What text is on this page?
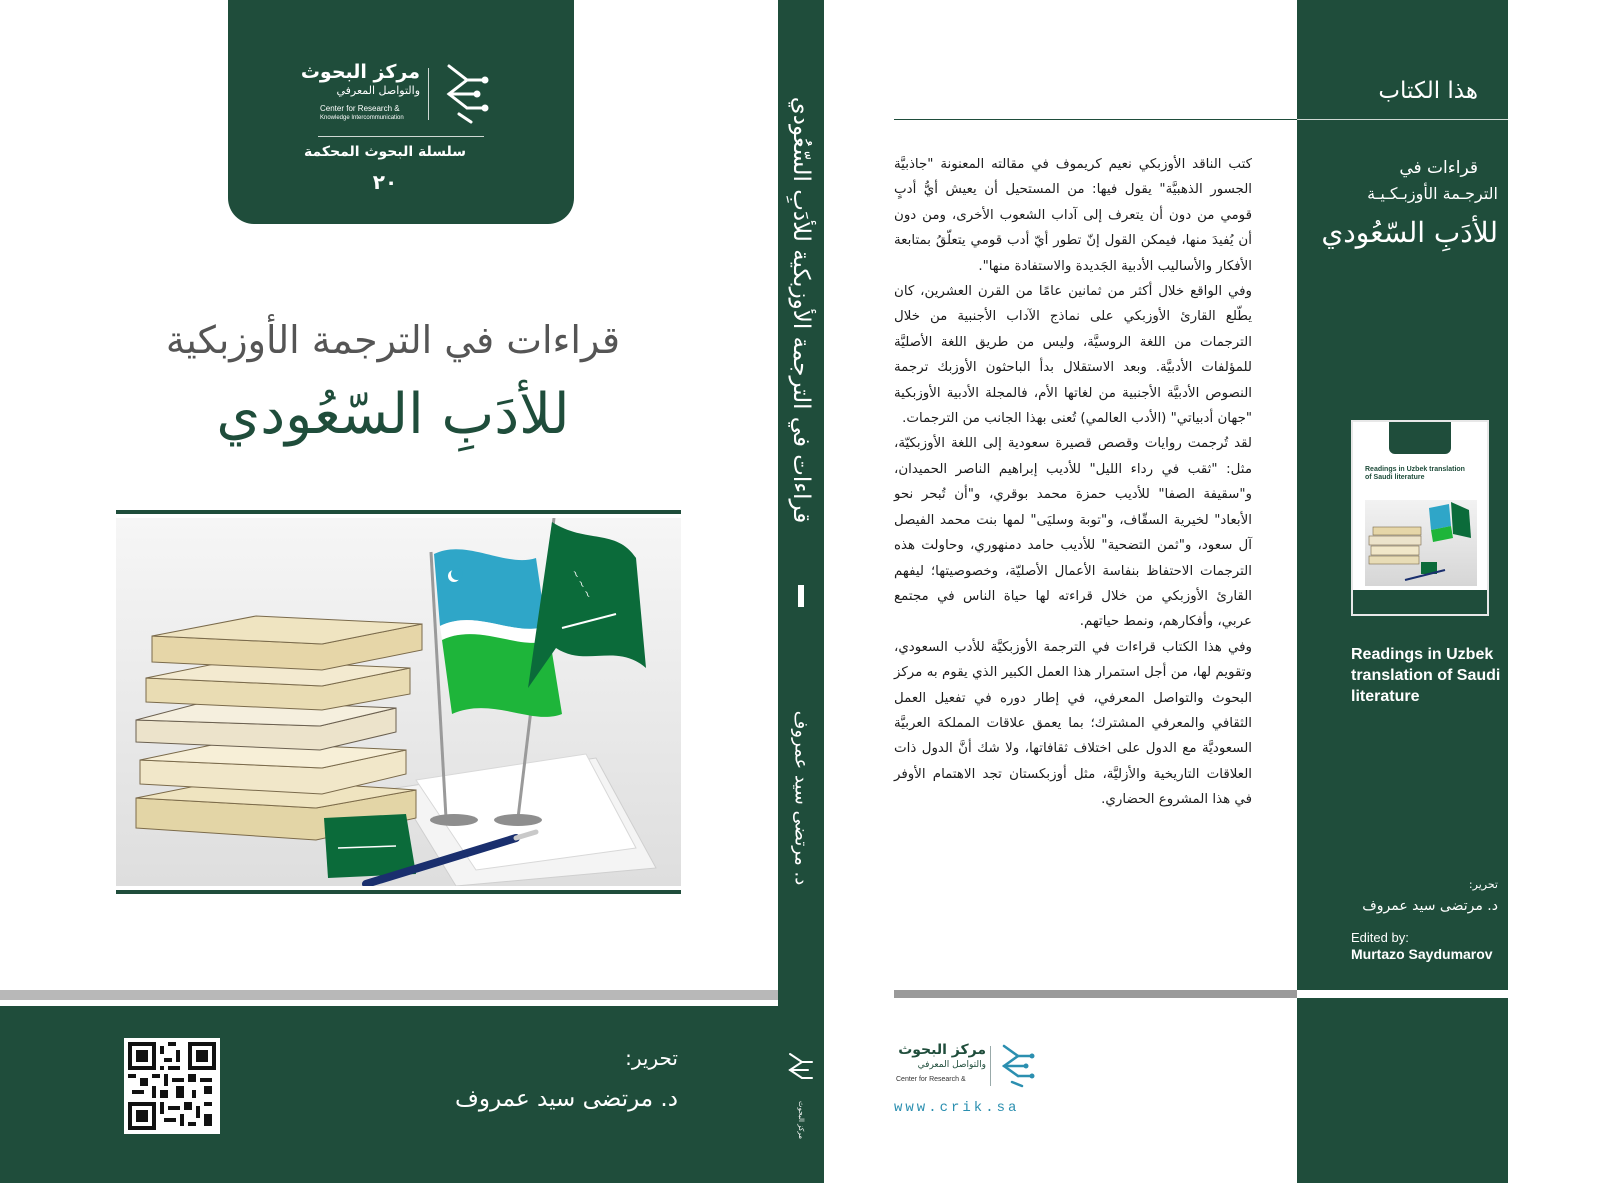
مركز البحوث
والتواصل المعرفي
Center for Research &
Knowledge Intercommunication
سلسلة البحوث المحكمة
٢٠
قراءات في الترجمة الأوزبكية
للأدَبِ السّعُودي
~ ~ ~
تحرير:
د. مرتضى سيد عمروف
قراءات في الترجمة الأوزبكية للأدَبِ السّعُودي
د. مرتضى سيد عمروف
مركز البحوث

كتب الناقد الأوزبكي نعيم كريموف في مقالته المعنونة "جاذبيَّة الجسور الذهبيَّة" يقول فيها: من المستحيل أن يعيش أيُّ أدبٍ قومي من دون أن يتعرف إلى آداب الشعوب الأخرى، ومن دون أن يُفيدَ منها، فيمكن القول إنّ تطور أيّ أدب قومي يتعلّقُ بمتابعة الأفكار والأساليب الأدبية الجَديدة والاستفادة منها".

وفي الواقع خلال أكثر من ثمانين عامًا من القرن العشرين، كان يطّلع القارئ الأوزبكي على نماذج الآداب الأجنبية من خلال الترجمات من اللغة الروسيَّة، وليس من طريق اللغة الأصليَّة للمؤلفات الأدبيَّة. وبعد الاستقلال بدأ الباحثون الأوزبك ترجمة النصوص الأدبيَّة الأجنبية من لغاتها الأم، فالمجلة الأدبية الأوزبكية "جهان أدبياتي" (الأدب العالمي) تُعنى بهذا الجانب من الترجمات.

لقد تُرجمت روايات وقصص قصيرة سعودية إلى اللغة الأوزبكيّة، مثل: "ثقب في رداء الليل" للأديب إبراهيم الناصر الحميدان، و"سقيفة الصفا" للأديب حمزة محمد بوقري، و"أن تُبحر نحو الأبعاد" لخيرية السقّاف، و"توبة وسليَى" لمها بنت محمد الفيصل آل سعود، و"ثمن التضحية" للأديب حامد دمنهوري، وحاولت هذه الترجمات الاحتفاظ بنفاسة الأعمال الأصليّة، وخصوصيتها؛ ليفهم القارئ الأوزبكي من خلال قراءته لها حياة الناس في مجتمع عربي، وأفكارهم، ونمط حياتهم.

وفي هذا الكتاب قراءات في الترجمة الأوزبكيَّة للأدب السعودي، وتقويم لها، من أجل استمرار هذا العمل الكبير الذي يقوم به مركز البحوث والتواصل المعرفي، في إطار دوره في تفعيل العمل الثقافي والمعرفي المشترك؛ بما يعمق علاقات المملكة العربيَّة السعوديَّة مع الدول على اختلاف ثقافاتها، ولا شك أنَّ الدول ذات العلاقات التاريخية والأزليَّة، مثل أوزبكستان تجد الاهتمام الأوفر في هذا المشروع الحضاري.

هذا الكتاب
قراءات في
الترجـمة الأوزبـكـيـة
للأدَبِ السّعُودي
Readings in Uzbek translation of Saudi literature
Readings in Uzbek translation of Saudi literature
تحرير:
د. مرتضى سيد عمروف
Edited by:
Murtazo Saydumarov
مركز البحوث
والتواصل المعرفي
Center for Research &
www.crik.sa
